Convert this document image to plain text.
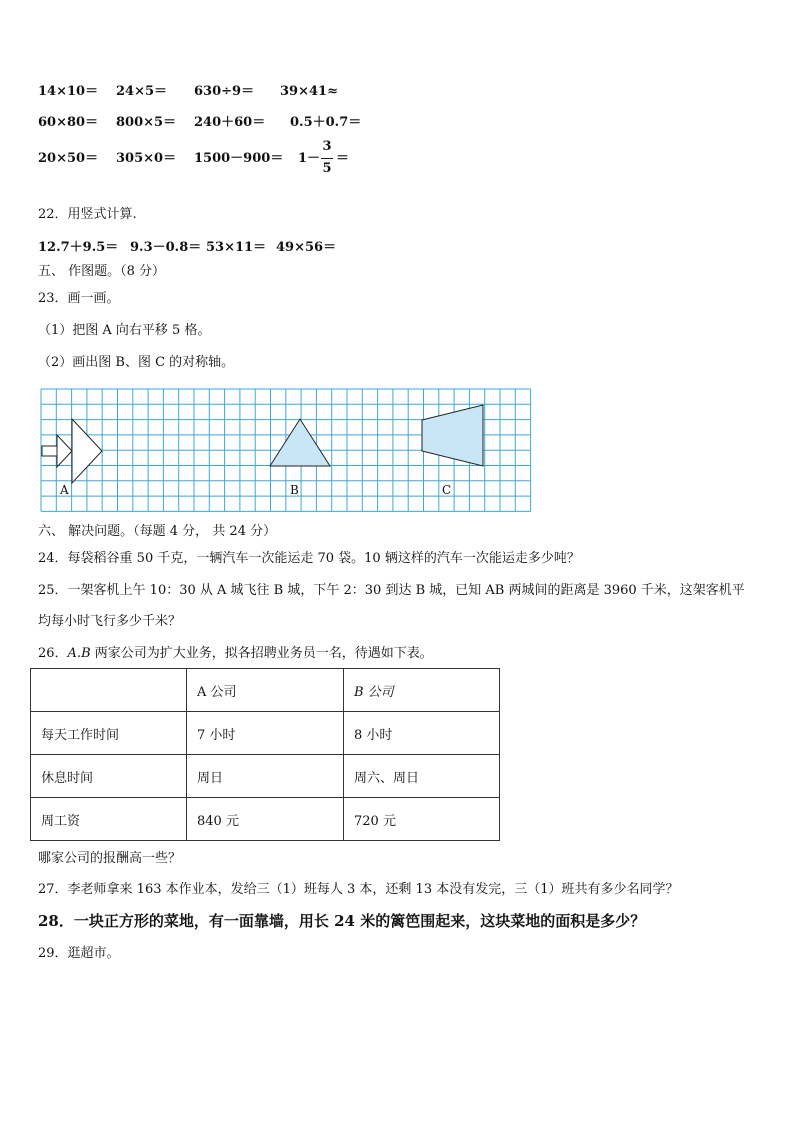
14×10＝ 24×5＝ 630÷9＝ 39×41≈
60×80＝ 800×5＝ 240＋60＝ 0.5＋0.7＝
20×50＝ 305×0＝ 1500－900＝ 1－
3
5
＝
22．用竖式计算.
12.7＋9.5＝ 9.3－0.8＝ 53×11＝ 49×56＝
五、 作图题。（8 分）
23．画一画。
（1）把图 A 向右平移 5 格。
（2）画出图 B、图 C 的对称轴。
A	B	C
六、 解决问题。（每题 4 分， 共 24 分）
24．每袋稻谷重 50 千克，一辆汽车一次能运走 70 袋。10 辆这样的汽车一次能运走多少吨？
25．一架客机上午 10：30 从 A 城飞往 B 城，下午 2：30 到达 B 城，已知 AB 两城间的距离是 3960 千米，这架客机平
均每小时飞行多少千米？
26．A.B 两家公司为扩大业务，拟各招聘业务员一名，待遇如下表。
	A 公司	B 公司
每天工作时间	7 小时	8 小时
休息时间	周日	周六、周日
周工资	840 元	720 元
哪家公司的报酬高一些？
27．李老师拿来 163 本作业本，发给三（1）班每人 3 本，还剩 13 本没有发完，三（1）班共有多少名同学？
28．一块正方形的菜地，有一面靠墙，用长 24 米的篱笆围起来，这块菜地的面积是多少？
29．逛超市。
